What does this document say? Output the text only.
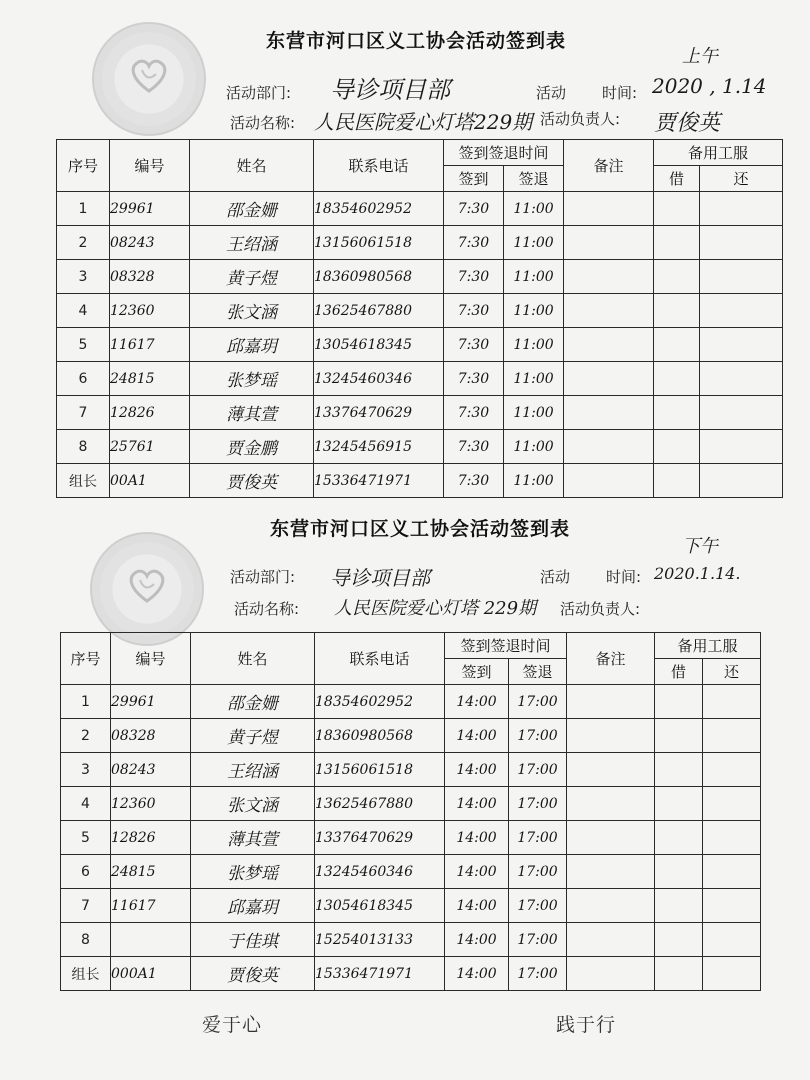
东营市河口区义工协会活动签到表
上午
活动部门: 导诊项目部	活动 时间: 2020 , 1.14
活动名称: 人民医院爱心灯塔229期 活动负责人: 贾俊英
序号	编号	姓名	联系电话	签到签退时间		备注	备用工服	
				签到	签退		借	还
1	29961	邵金姗	18354602952	7:30	11:00			
2	08243	王绍涵	13156061518	7:30	11:00			
3	08328	黄子煜	18360980568	7:30	11:00			
4	12360	张文涵	13625467880	7:30	11:00			
5	11617	邱嘉玥	13054618345	7:30	11:00			
6	24815	张梦瑶	13245460346	7:30	11:00			
7	12826	薄其萱	13376470629	7:30	11:00			
8	25761	贾金鹏	13245456915	7:30	11:00			
组长	00A1	贾俊英	15336471971	7:30	11:00			
东营市河口区义工协会活动签到表
下午
活动部门: 导诊项目部	活动 时间: 2020.1.14.
活动名称: 人民医院爱心灯塔 229期 活动负责人:
序号	编号	姓名	联系电话	签到签退时间		备注	备用工服	
				签到	签退		借	还
1	29961	邵金姗	18354602952	14:00	17:00			
2	08328	黄子煜	18360980568	14:00	17:00			
3	08243	王绍涵	13156061518	14:00	17:00			
4	12360	张文涵	13625467880	14:00	17:00			
5	12826	薄其萱	13376470629	14:00	17:00			
6	24815	张梦瑶	13245460346	14:00	17:00			
7	11617	邱嘉玥	13054618345	14:00	17:00			
8		于佳琪	15254013133	14:00	17:00			
组长	000A1	贾俊英	15336471971	14:00	17:00			
爱于心	践于行
